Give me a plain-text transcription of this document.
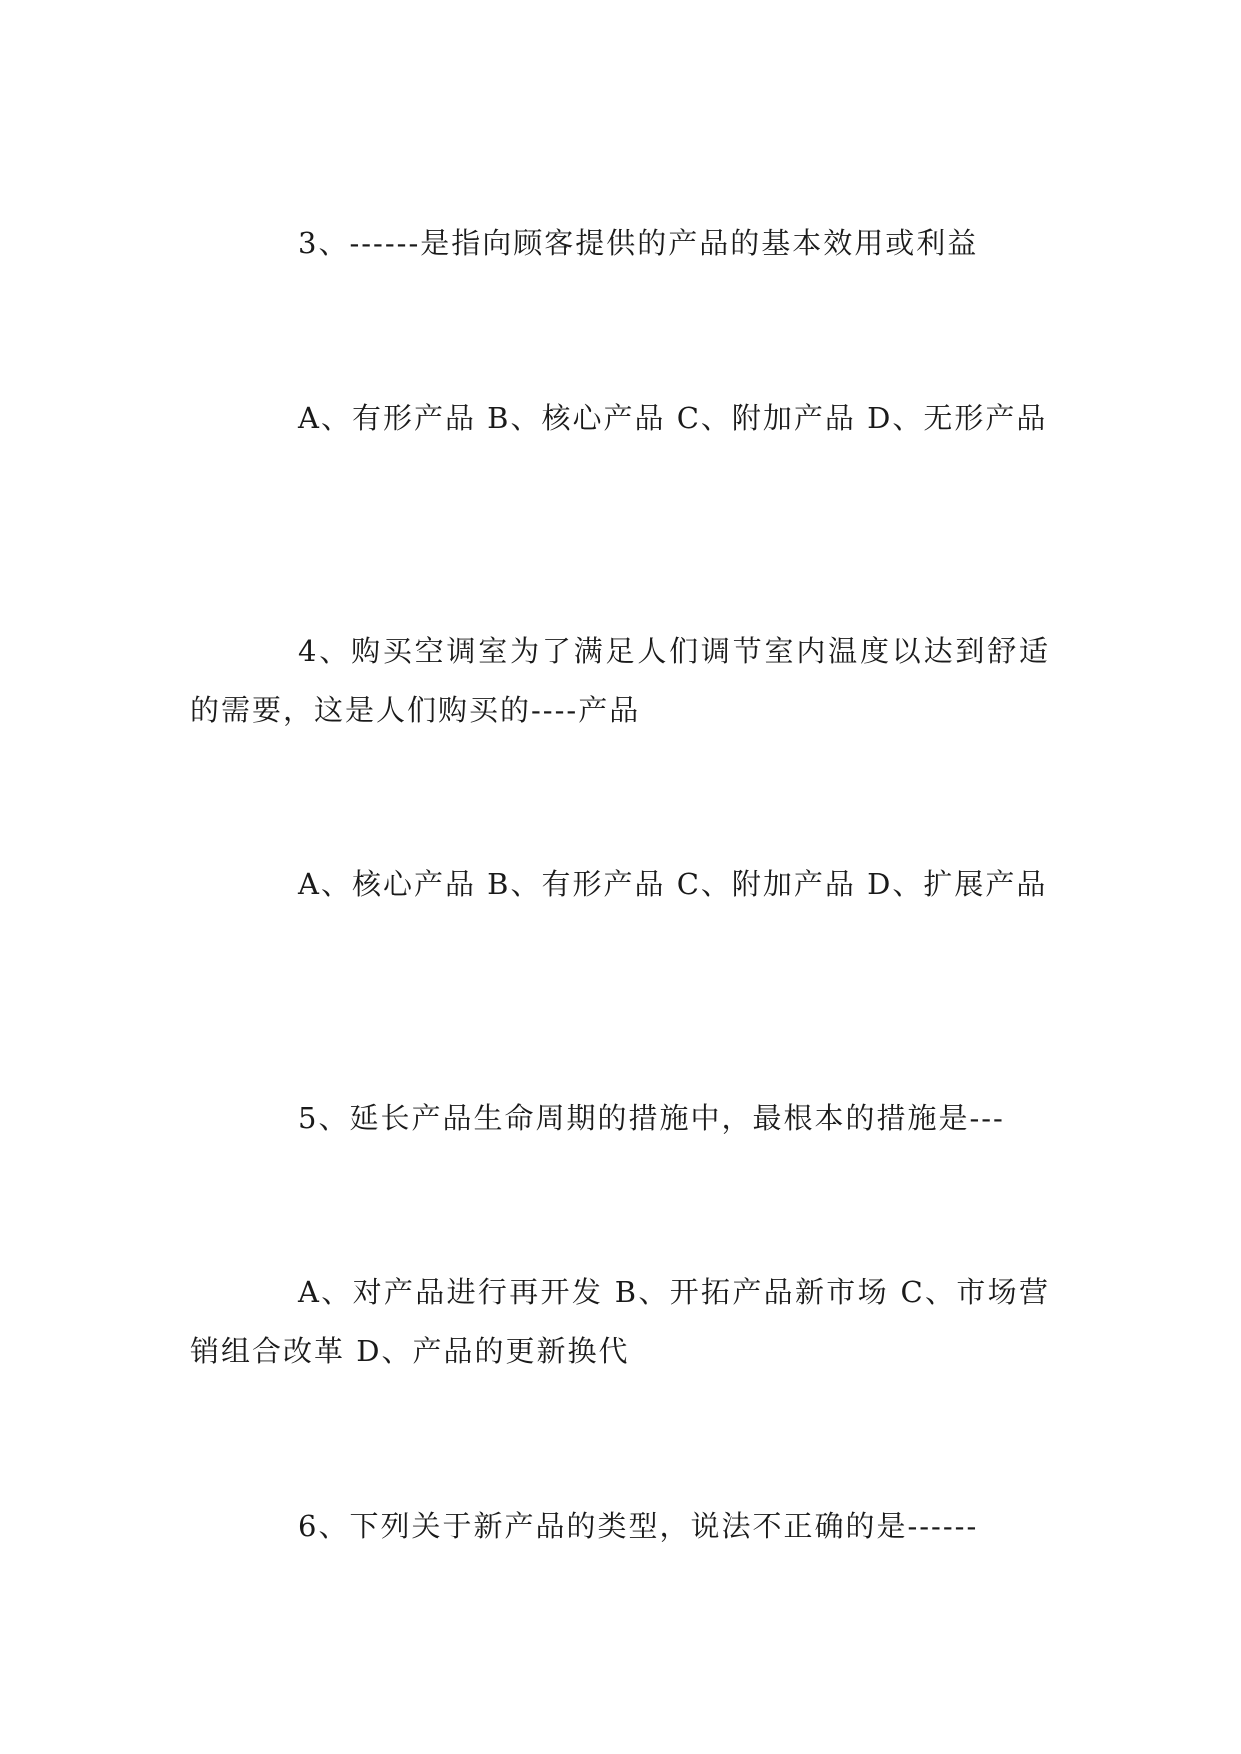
3、------是指向顾客提供的产品的基本效用或利益

A、有形产品 B、核心产品 C、附加产品 D、无形产品

4、购买空调室为了满足人们调节室内温度以达到舒适的需要，这是人们购买的----产品

A、核心产品 B、有形产品 C、附加产品 D、扩展产品

5、延长产品生命周期的措施中，最根本的措施是---

A、对产品进行再开发 B、开拓产品新市场 C、市场营销组合改革 D、产品的更新换代

6、下列关于新产品的类型，说法不正确的是------
